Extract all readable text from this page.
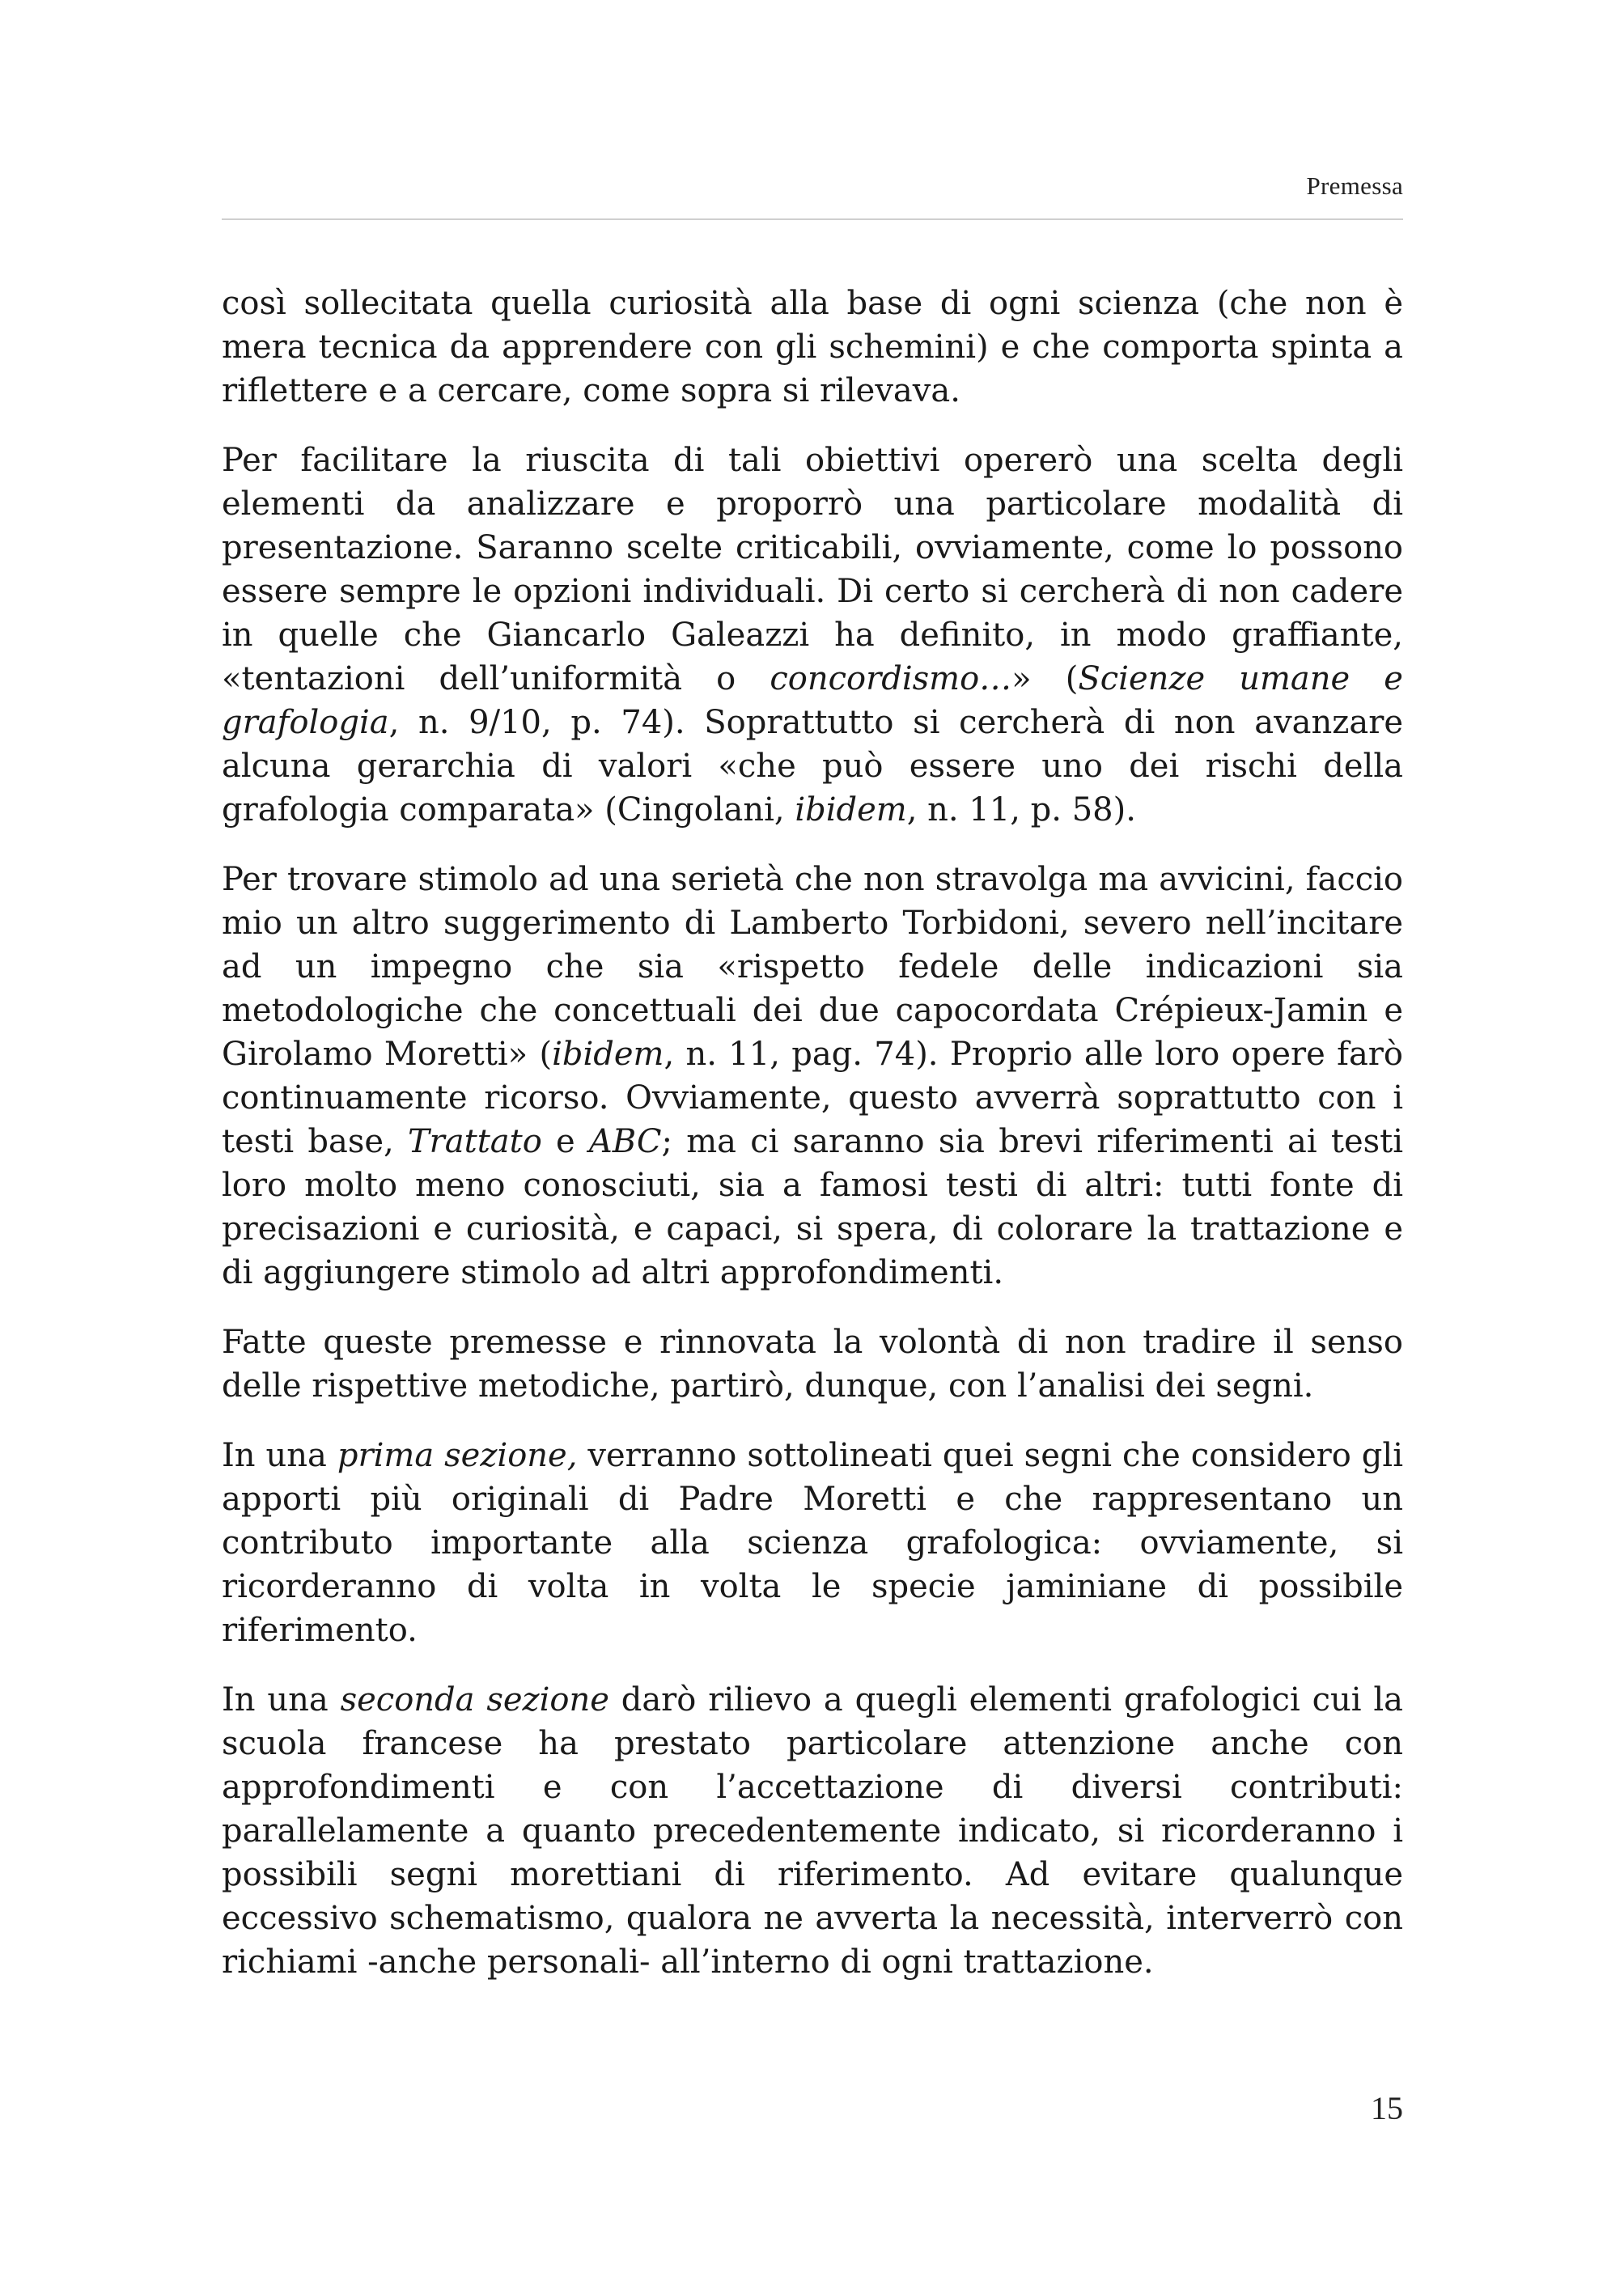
Premessa

così sollecitata quella curiosità alla base di ogni scienza (che non è mera tecnica da apprendere con gli schemini) e che comporta spinta a riflettere e a cercare, come sopra si rilevava.

Per facilitare la riuscita di tali obiettivi opererò una scelta degli elementi da analizzare e proporrò una particolare modalità di presentazione. Saranno scelte criticabili, ovviamente, come lo possono essere sempre le opzioni individuali. Di certo si cercherà di non cadere in quelle che Giancarlo Galeazzi ha definito, in modo graffiante, «tentazioni dell’uniformità o concordismo…» (Scienze umane e grafologia, n. 9/10, p. 74). Soprattutto si cercherà di non avanzare alcuna gerarchia di valori «che può essere uno dei rischi della grafologia comparata» (Cingolani, ibidem, n. 11, p. 58).

Per trovare stimolo ad una serietà che non stravolga ma avvicini, faccio mio un altro suggerimento di Lamberto Torbidoni, severo nell’incitare ad un impegno che sia «rispetto fedele delle indicazioni sia metodologiche che concettuali dei due capocordata Crépieux-Jamin e Girolamo Moretti» (ibidem, n. 11, pag. 74). Proprio alle loro opere farò continuamente ricorso. Ovviamente, questo avverrà soprattutto con i testi base, Trattato e ABC; ma ci saranno sia brevi riferimenti ai testi loro molto meno conosciuti, sia a famosi testi di altri: tutti fonte di precisazioni e curiosità, e capaci, si spera, di colorare la trattazione e di aggiungere stimolo ad altri approfondimenti.

Fatte queste premesse e rinnovata la volontà di non tradire il senso delle rispettive metodiche, partirò, dunque, con l’analisi dei segni.

In una prima sezione, verranno sottolineati quei segni che considero gli apporti più originali di Padre Moretti e che rappresentano un contributo importante alla scienza grafologica: ovviamente, si ricorderanno di volta in volta le specie jaminiane di possibile riferimento.

In una seconda sezione darò rilievo a quegli elementi grafologici cui la scuola francese ha prestato particolare attenzione anche con approfondimenti e con l’accettazione di diversi contributi: parallelamente a quanto precedentemente indicato, si ricorderanno i possibili segni morettiani di riferimento. Ad evitare qualunque eccessivo schematismo, qualora ne avverta la necessità, interverrò con richiami -anche personali- all’interno di ogni trattazione.

15
